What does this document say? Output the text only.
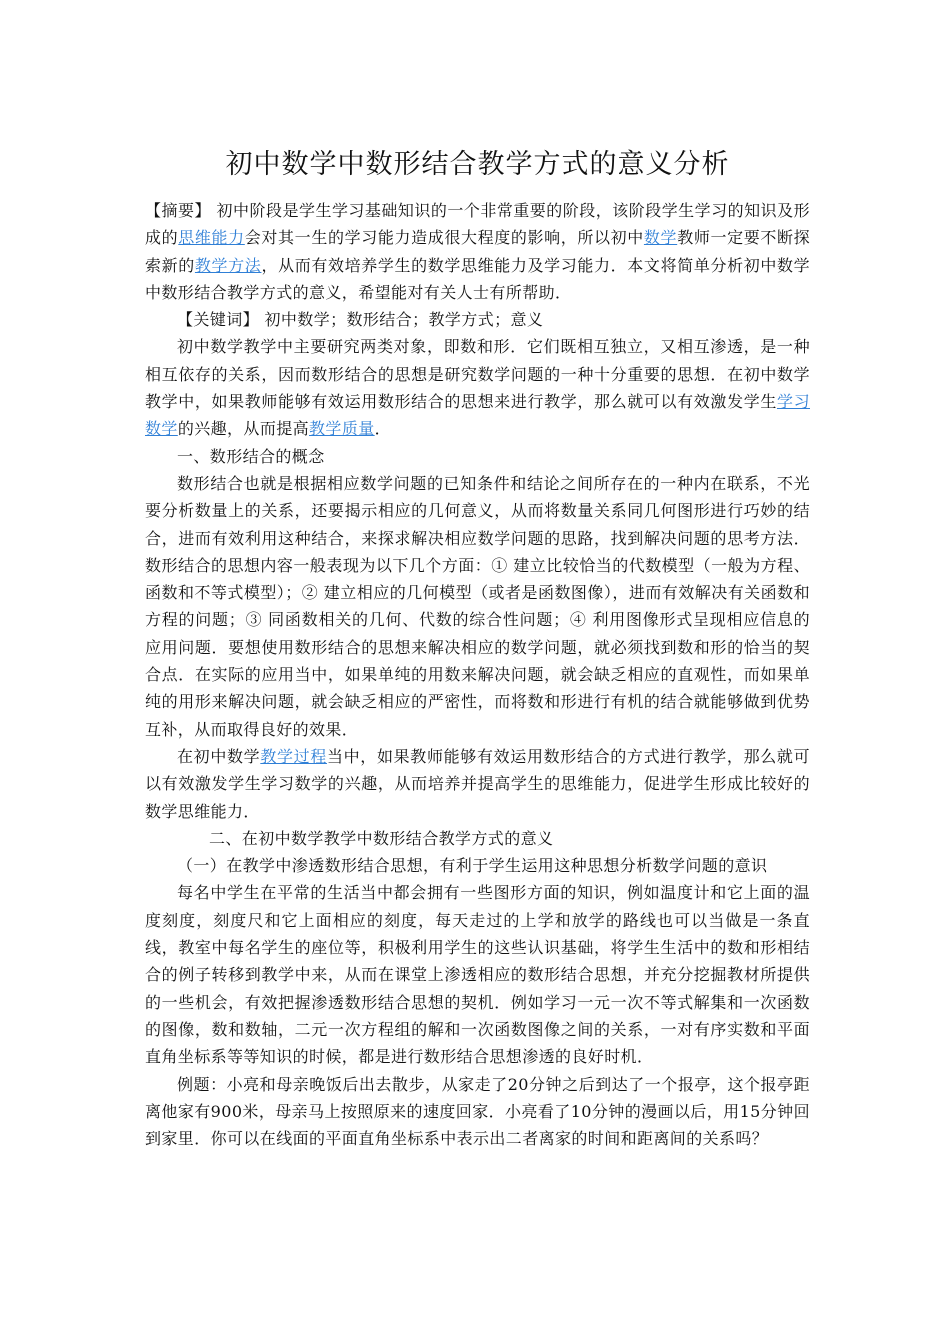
初中数学中数形结合教学方式的意义分析

【摘要】 初中阶段是学生学习基础知识的一个非常重要的阶段，该阶段学生学习的知识及形成的思维能力会对其一生的学习能力造成很大程度的影响，所以初中数学教师一定要不断探索新的教学方法，从而有效培养学生的数学思维能力及学习能力．本文将简单分析初中数学中数形结合教学方式的意义，希望能对有关人士有所帮助．

【关键词】 初中数学；数形结合；教学方式；意义

初中数学教学中主要研究两类对象，即数和形．它们既相互独立，又相互渗透，是一种相互依存的关系，因而数形结合的思想是研究数学问题的一种十分重要的思想．在初中数学教学中，如果教师能够有效运用数形结合的思想来进行教学，那么就可以有效激发学生学习数学的兴趣，从而提高教学质量．

一、数形结合的概念

数形结合也就是根据相应数学问题的已知条件和结论之间所存在的一种内在联系，不光要分析数量上的关系，还要揭示相应的几何意义，从而将数量关系同几何图形进行巧妙的结合，进而有效利用这种结合，来探求解决相应数学问题的思路，找到解决问题的思考方法．数形结合的思想内容一般表现为以下几个方面：① 建立比较恰当的代数模型（一般为方程、函数和不等式模型）；② 建立相应的几何模型（或者是函数图像），进而有效解决有关函数和方程的问题；③ 同函数相关的几何、代数的综合性问题；④ 利用图像形式呈现相应信息的应用问题．要想使用数形结合的思想来解决相应的数学问题，就必须找到数和形的恰当的契合点．在实际的应用当中，如果单纯的用数来解决问题，就会缺乏相应的直观性，而如果单纯的用形来解决问题，就会缺乏相应的严密性，而将数和形进行有机的结合就能够做到优势互补，从而取得良好的效果．

在初中数学教学过程当中，如果教师能够有效运用数形结合的方式进行教学，那么就可以有效激发学生学习数学的兴趣，从而培养并提高学生的思维能力，促进学生形成比较好的数学思维能力．

二、在初中数学教学中数形结合教学方式的意义

（一）在教学中渗透数形结合思想，有利于学生运用这种思想分析数学问题的意识

每名中学生在平常的生活当中都会拥有一些图形方面的知识，例如温度计和它上面的温度刻度，刻度尺和它上面相应的刻度，每天走过的上学和放学的路线也可以当做是一条直线，教室中每名学生的座位等，积极利用学生的这些认识基础，将学生生活中的数和形相结合的例子转移到教学中来，从而在课堂上渗透相应的数形结合思想，并充分挖掘教材所提供的一些机会，有效把握渗透数形结合思想的契机．例如学习一元一次不等式解集和一次函数的图像，数和数轴，二元一次方程组的解和一次函数图像之间的关系，一对有序实数和平面直角坐标系等等知识的时候，都是进行数形结合思想渗透的良好时机．

例题：小亮和母亲晚饭后出去散步，从家走了20分钟之后到达了一个报亭，这个报亭距离他家有900米，母亲马上按照原来的速度回家．小亮看了10分钟的漫画以后，用15分钟回到家里．你可以在线面的平面直角坐标系中表示出二者离家的时间和距离间的关系吗？
